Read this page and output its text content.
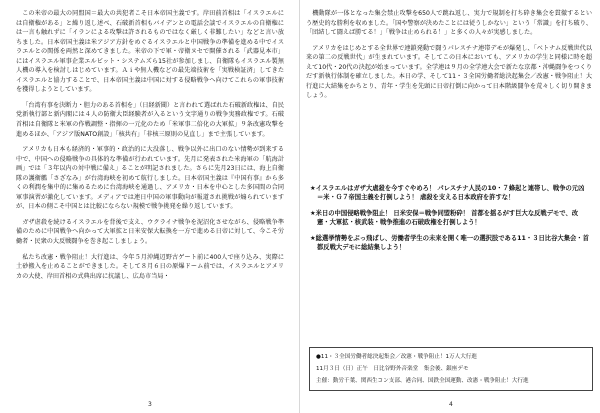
この米帝の最大の同盟国＝最大の共犯者こそ日本帝国主義です。岸田前首相は「イスラエルには自衛権がある」と繰り返し述べ、石破新首相もバイデンとの電話会談でイスラエルの自衛権には一言も触れずに「イランによる攻撃は許されるものではなく厳しく非難したい」などと言い放ちました。日本帝国主義は米アジア方針をめぐるイスラエルと中国戦争の準備を進める中でイスラエルとの関係を両然と深めてきました。米帝の下で軍・帝衛ヌセで開催される「武器見本市」にはイスラエル軍事企業エルビット・システムズら15社が参加しまし、自衛隊もイスラエル製無人機の導入を検討しはじめています。Ａｉや無人機などの最先端技術を「実戦検証済」してきたイスラエルと協力することで、日本帝国主義は中国に対する侵略戦争へ向けてこれらの軍事技術を獲得しようとしています。

「台湾有事を決断力・胆力のある首相を」（日経新聞）と言われて選ばれた石破新政権は、自民党新執行部と新内閣には４人の防衛大臣経験者が入るという文字通りの戦争実務政権です。石破首相は自衛隊と米軍の作戦調整・指揮の一元化のため「米軍事二倍化の大軍拡」９条改憲攻撃を進めるほか、「アジア版NATO創設」「核共有」「非核三原則の見直し」まで主張しています。

アメリカも日本も経済的・軍事的・政治的に大没落し、戦争以外に出口のない情勢が到来する中で、中国への侵略戦争の具体的な準備が行われています。先月に発表された米海軍の「航海計画」では「３年以内の対中戦に備え」ることが明記されました。さらに先月23日には、海上自衛隊の護衛艦「さざなみ」が台湾海峡を初めて航行しました。日本帝国主義は『中国有事』から多くの利潤を集中的に集めるために台湾海峡を通過し、アメリカ・日本を中心とした多国間の合同軍事演習が激化しています。メディアでは連日中国の軍事動向が報道され挑戦が煽られていますが、日本の側こそ中国とは比較にならない規模で戦争挑発を繰り返しています。

ガザ虐殺を続けるイスラエルを背後で支え、ウクライナ戦争を泥沼化させながら、侵略戦争準備のために中国戦争へ向かって大軍拡と日米安保大転換を一方で進める日帝に対して、今こそ労働者・民衆の大反戦闘争を巻き起こしましょう。

私たち改憲・戦争阻止！大行進は、今年５月沖縄辺野古ゲート前に400人で座り込み、実際に土砂搬入を止めることができました。そして８月６日の原爆ドーム前では、イスラエルとアメリカの大使、岸田首相の式典出席に抗議し、広島市当局・

3

機動隊が一体となった集会禁止攻撃を650人で跳ね返し、実力で規制を打ち砕き集会を貫徹するという歴史的な勝利を収めました。「国や警察が決めたことには従うしかない」という「常識」を打ち破り、「団結して闘えば勝てる！」「戦争は止められる！」と多くの人々が実感しました。

アメリカをはじめとする全世界で連鎖発動で闘うパレスチナ連帯デモが爆発し、「ベトナム反戦世代以来の第二の反戦世代」が生まれています。そしてこの日本においても、アメリカの学生と同様に時を超えて10代・20代の決起が始まっています。全学連は９月の全学連大会で新たな京都・沖縄闘争をつくりだす新執行体制を確立しました。本日の学、そして11・３全国労働者総決起集会／改憲・戦争阻止！大行進に大結集をかちとり、青年・学生を先頭に日帝打倒に向かって日本階級闘争を荒々しく切り開きましょう。

★イスラエルはガザ大虐殺を今すぐやめろ！ パレスチナ人民の10・７蜂起と連帯し、戦争の元凶＝米・Ｇ７帝国主義を打倒しよう！ 虐殺を支える日本政府を許すな！

★米日の中国侵略戦争阻止！ 日米安保＝戦争同盟粉砕！ 首都を揺るがす巨大な反戦デモで、改憲・大軍拡・核武装・戦争推進の石破政権を打倒しよう！

★総選挙情勢をぶっ飛ばし、労働者学生の未来を開く唯一の選択肢である11・３日比谷大集会・首都反戦大デモに総結集しよう！

●11・３全国労働者総決起集会／改憲・戦争阻止！1万人大行進

11月３日（日）正午　日比谷野外音楽堂　集会後、銀座デモ

主催：動労千葉、関西生コン支部、港合同、国鉄全国運動、改憲・戦争阻止！大行進

4
